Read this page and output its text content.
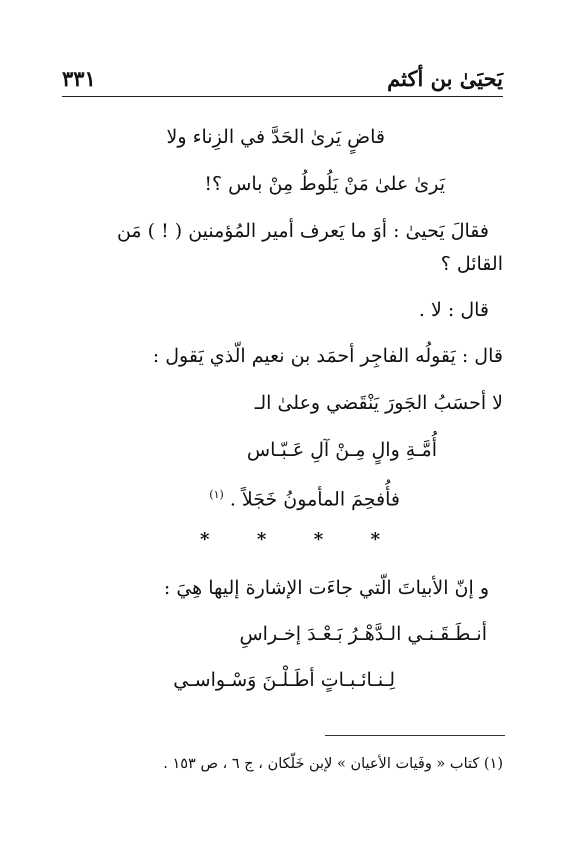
يَحيَىٰ بن أكثم
٣٣١
قاضٍ يَرىٰ الحَدَّ في الزِناء ولا
يَرىٰ علىٰ مَنْ يَلُوطُ مِنْ باس ؟!
فقالَ يَحيىٰ : أوَ ما يَعرف أمير المُؤمنين ( ! ) مَن
القائل ؟
قال : لا .
قال : يَقولُه الفاجِر أحمَد بن نعيم الّذي يَقول :
لا أحسَبُ الجَورَ يَنْقَضي وعلىٰ الـ
أُمَّـةِ والٍ مِـنْ آلِ عَـبّـاس
فأُفحِمَ المأمونُ خَجَلاً . $^{(١)}$
*
*
*
*
و إنّ الأبياتَ الّتي جاءَت الإشارة إليها هِيَ :
أنـطَـقَـنـي الـدَّهْـرُ بَـعْـدَ إخـراسِ
لِـنـائـبـاتٍ أطَـلْـنَ وَسْـواسـي
(١) كتاب « وفَيات الأعيان » لإبن خَلّكان ، ج ٦ ، ص ١٥٣ .
